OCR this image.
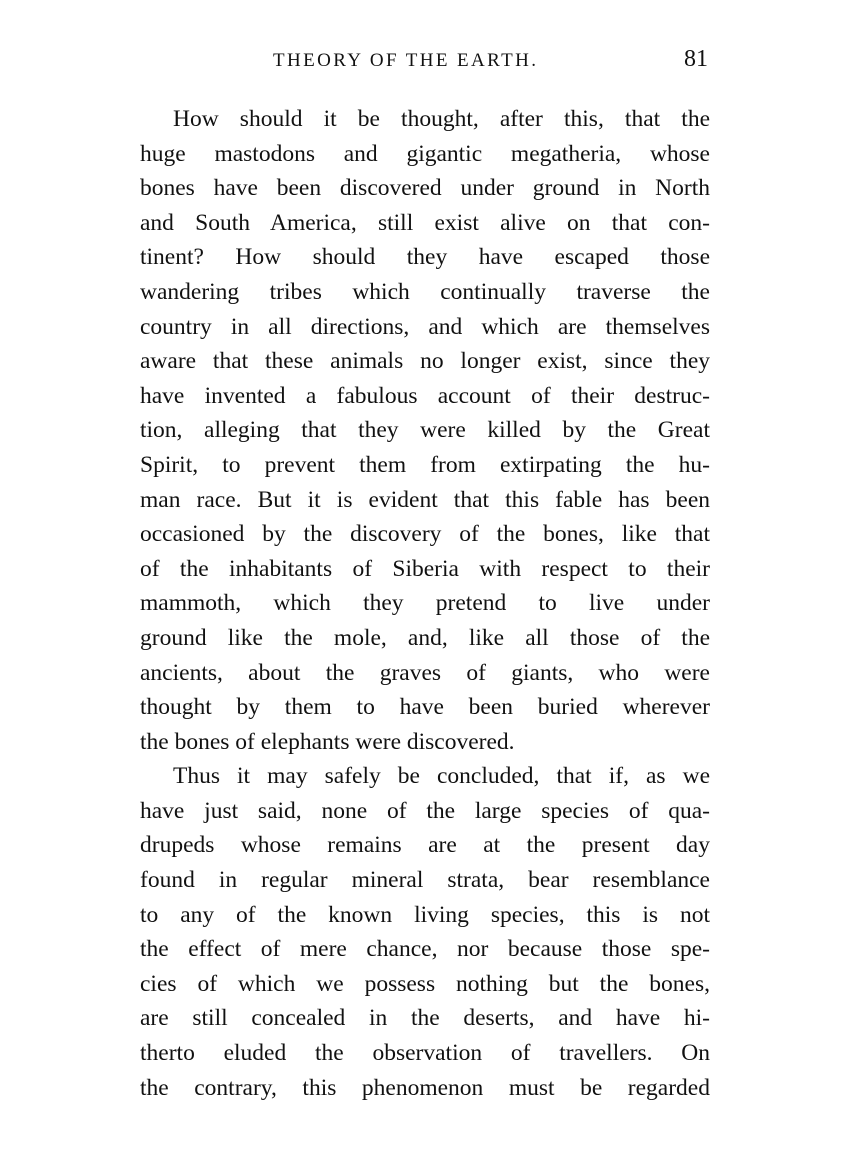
THEORY OF THE EARTH.	81
How should it be thought, after this, that the
huge mastodons and gigantic megatheria, whose
bones have been discovered under ground in North
and South America, still exist alive on that con-
tinent? How should they have escaped those
wandering tribes which continually traverse the
country in all directions, and which are themselves
aware that these animals no longer exist, since they
have invented a fabulous account of their destruc-
tion, alleging that they were killed by the Great
Spirit, to prevent them from extirpating the hu-
man race. But it is evident that this fable has been
occasioned by the discovery of the bones, like that
of the inhabitants of Siberia with respect to their
mammoth, which they pretend to live under
ground like the mole, and, like all those of the
ancients, about the graves of giants, who were
thought by them to have been buried wherever
the bones of elephants were discovered.
Thus it may safely be concluded, that if, as we
have just said, none of the large species of qua-
drupeds whose remains are at the present day
found in regular mineral strata, bear resemblance
to any of the known living species, this is not
the effect of mere chance, nor because those spe-
cies of which we possess nothing but the bones,
are still concealed in the deserts, and have hi-
therto eluded the observation of travellers. On
the contrary, this phenomenon must be regarded
